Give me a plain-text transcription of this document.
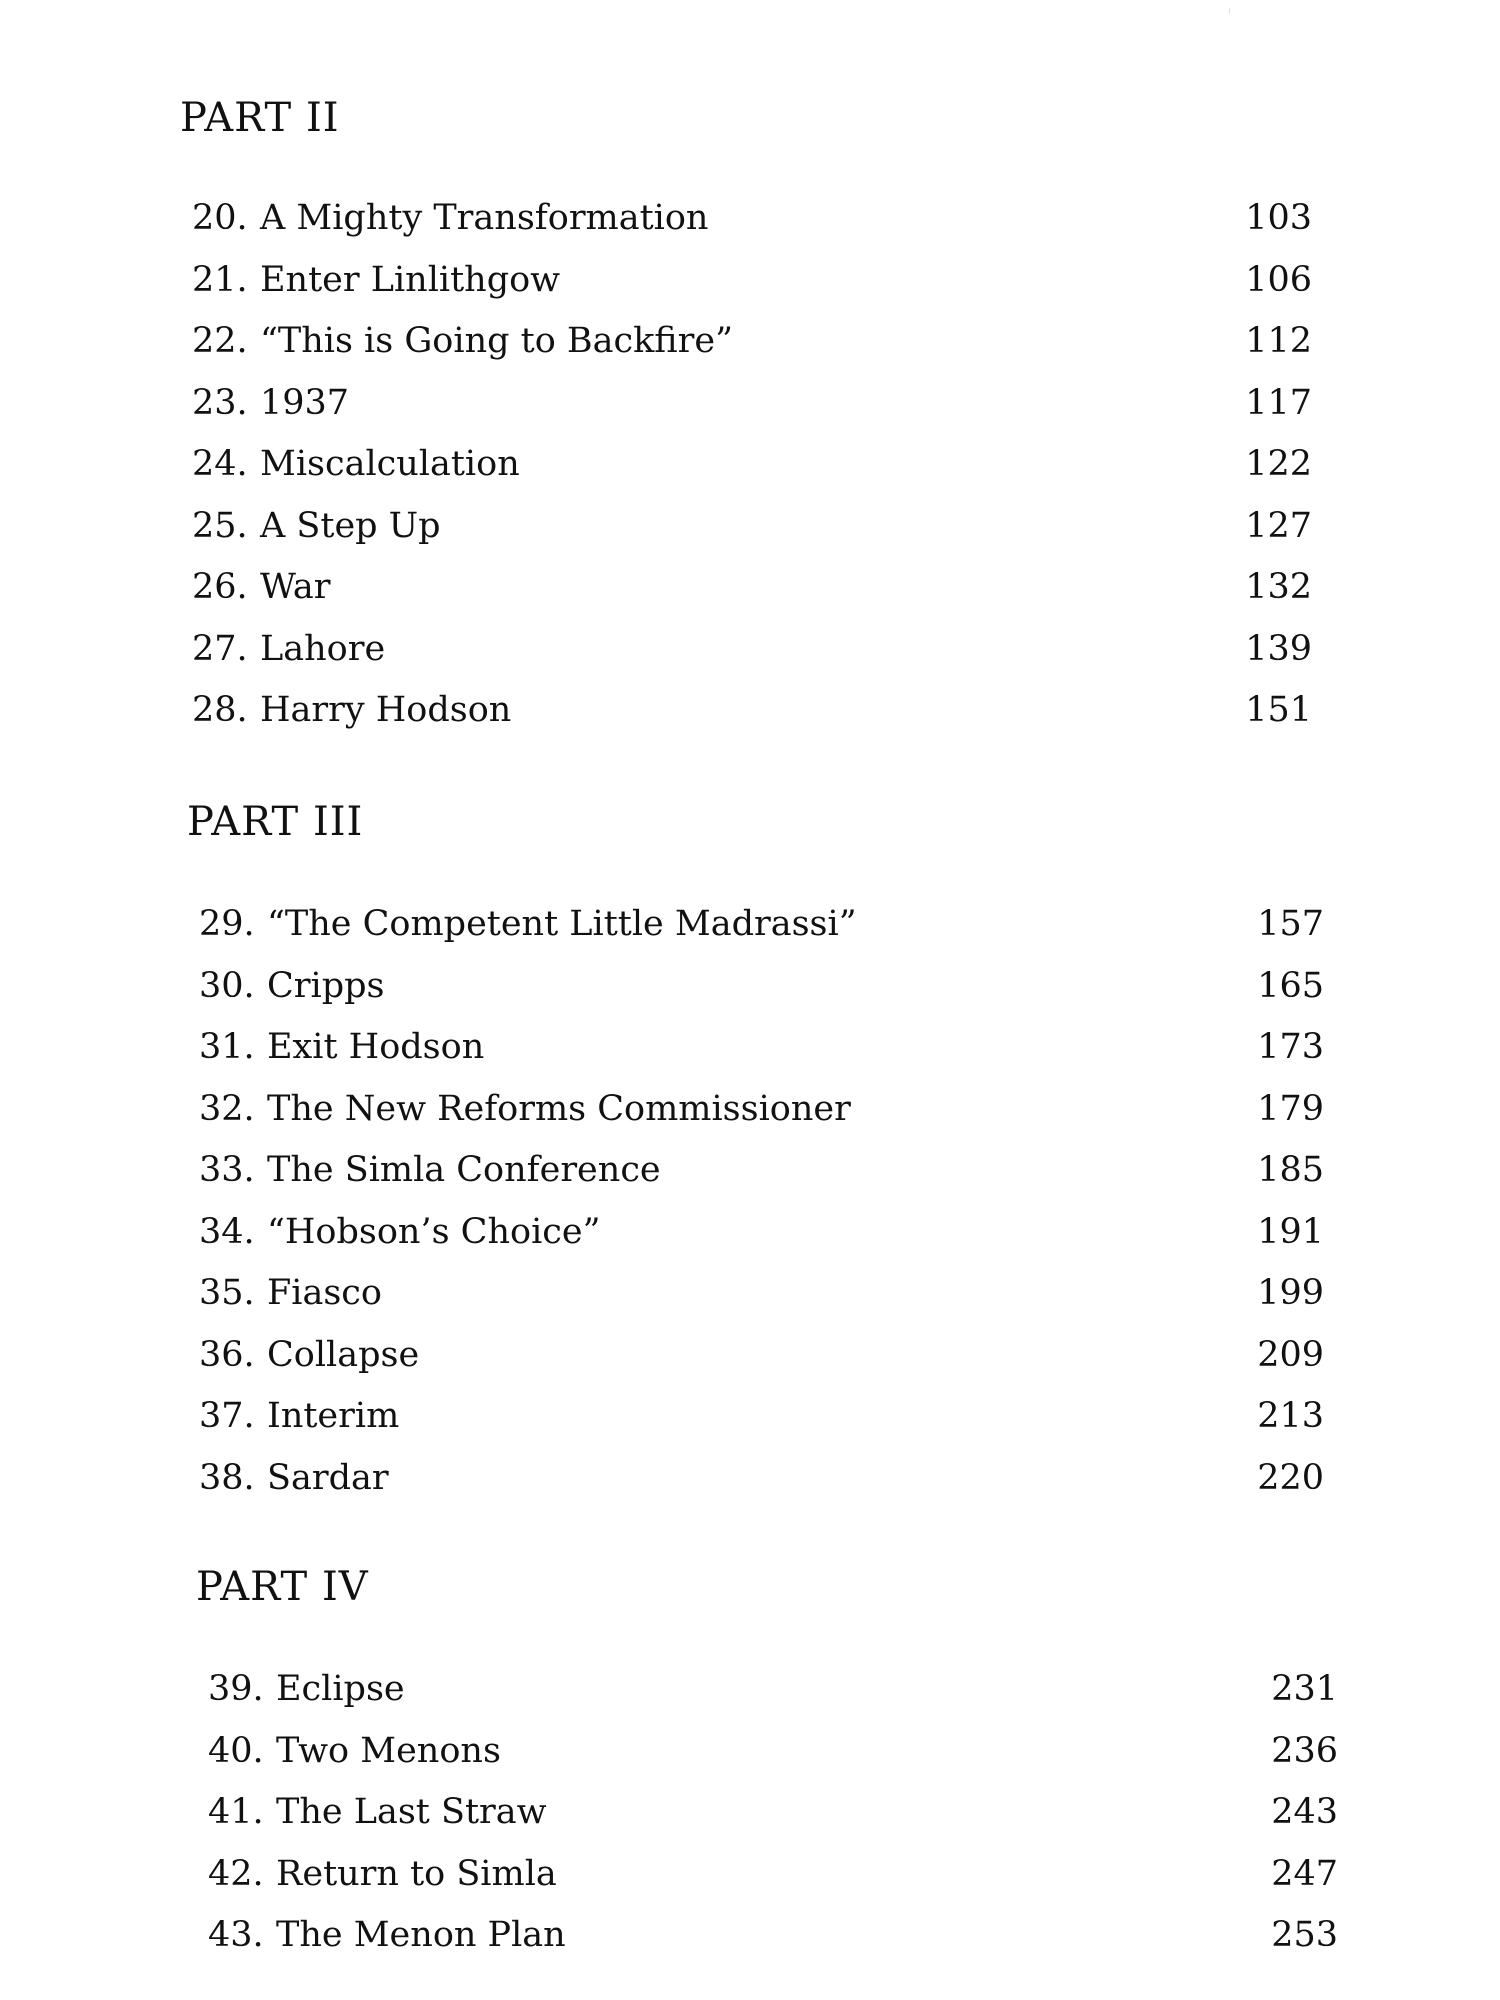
PART II
20. A Mighty Transformation	103
21. Enter Linlithgow	106
22. “This is Going to Backfire”	112
23. 1937	117
24. Miscalculation	122
25. A Step Up	127
26. War	132
27. Lahore	139
28. Harry Hodson	151
PART III
29. “The Competent Little Madrassi”	157
30. Cripps	165
31. Exit Hodson	173
32. The New Reforms Commissioner	179
33. The Simla Conference	185
34. “Hobson’s Choice”	191
35. Fiasco	199
36. Collapse	209
37. Interim	213
38. Sardar	220
PART IV
39. Eclipse	231
40. Two Menons	236
41. The Last Straw	243
42. Return to Simla	247
43. The Menon Plan	253
